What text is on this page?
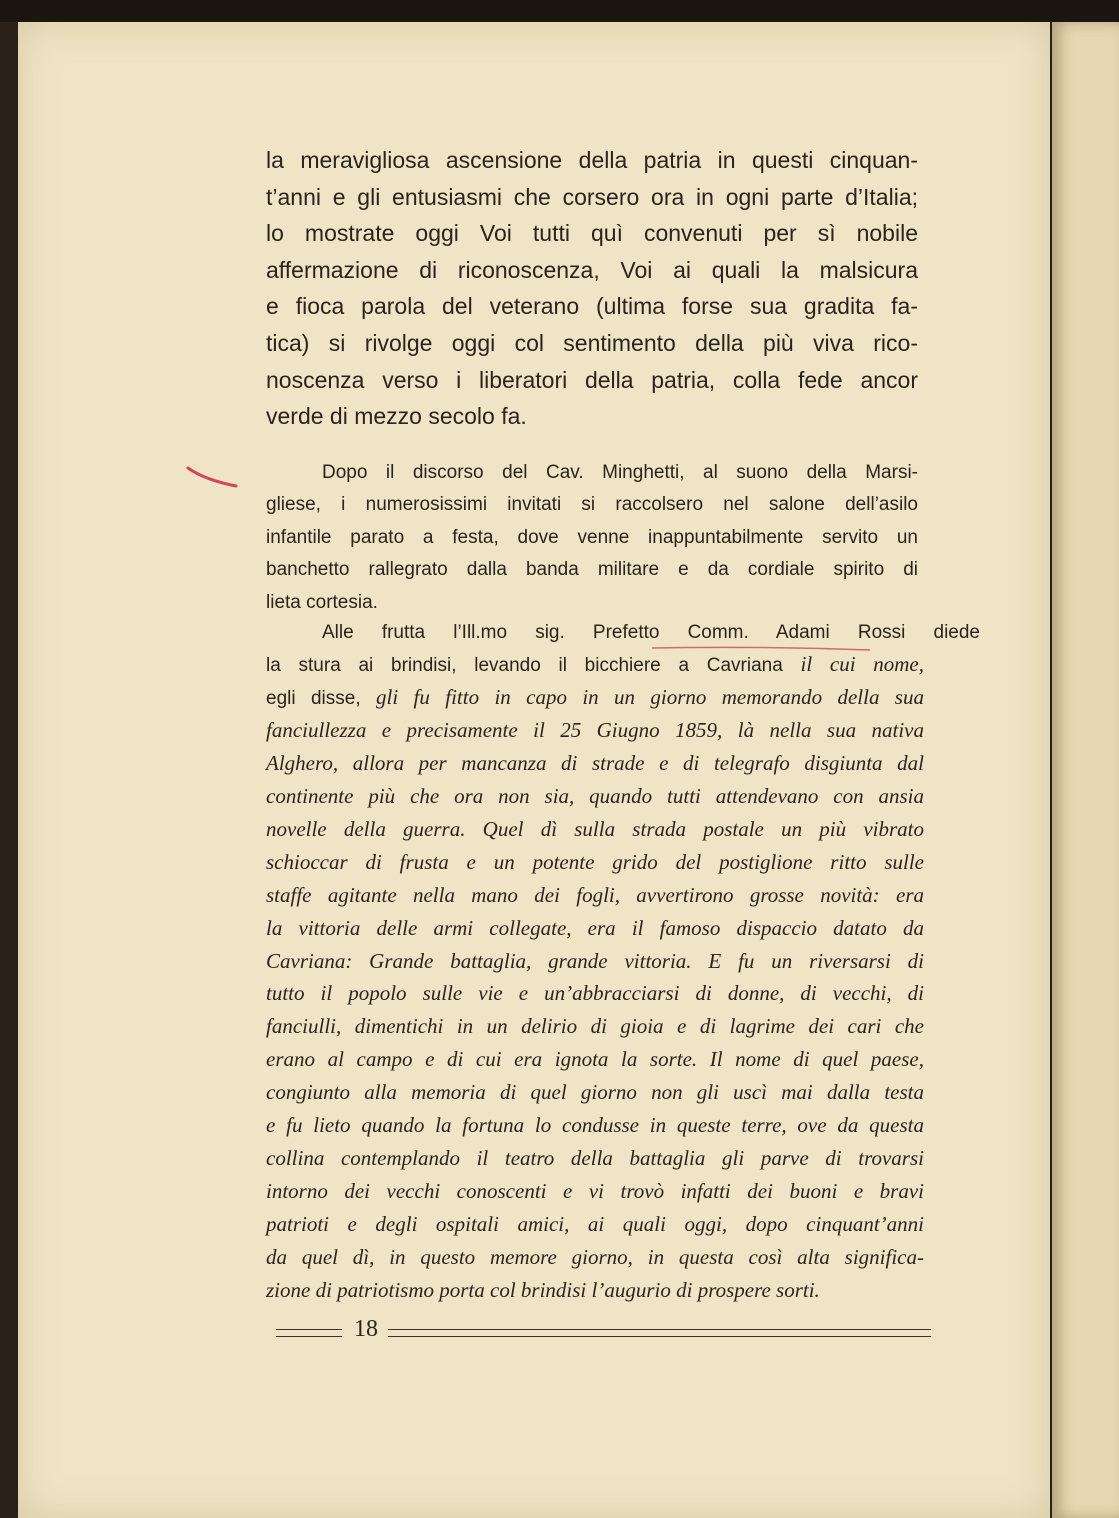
la meravigliosa ascensione della patria in questi cinquan-
t’anni e gli entusiasmi che corsero ora in ogni parte d’Italia;
lo mostrate oggi Voi tutti quì convenuti per sì nobile
affermazione di riconoscenza, Voi ai quali la malsicura
e fioca parola del veterano (ultima forse sua gradita fa-
tica) si rivolge oggi col sentimento della più viva rico-
noscenza verso i liberatori della patria, colla fede ancor
verde di mezzo secolo fa.
Dopo il discorso del Cav. Minghetti, al suono della Marsi-
gliese, i numerosissimi invitati si raccolsero nel salone dell’asilo
infantile parato a festa, dove venne inappuntabilmente servito un
banchetto rallegrato dalla banda militare e da cordiale spirito di
lieta cortesia.
Alle frutta l’Ill.mo sig. Prefetto Comm. Adami Rossi diede
la stura ai brindisi, levando il bicchiere a Cavriana il cui nome,
egli disse, gli fu fitto in capo in un giorno memorando della sua
fanciullezza e precisamente il 25 Giugno 1859, là nella sua nativa
Alghero, allora per mancanza di strade e di telegrafo disgiunta dal
continente più che ora non sia, quando tutti attendevano con ansia
novelle della guerra. Quel dì sulla strada postale un più vibrato
schioccar di frusta e un potente grido del postiglione ritto sulle
staffe agitante nella mano dei fogli, avvertirono grosse novità: era
la vittoria delle armi collegate, era il famoso dispaccio datato da
Cavriana: Grande battaglia, grande vittoria. E fu un riversarsi di
tutto il popolo sulle vie e un’abbracciarsi di donne, di vecchi, di
fanciulli, dimentichi in un delirio di gioia e di lagrime dei cari che
erano al campo e di cui era ignota la sorte. Il nome di quel paese,
congiunto alla memoria di quel giorno non gli uscì mai dalla testa
e fu lieto quando la fortuna lo condusse in queste terre, ove da questa
collina contemplando il teatro della battaglia gli parve di trovarsi
intorno dei vecchi conoscenti e vi trovò infatti dei buoni e bravi
patrioti e degli ospitali amici, ai quali oggi, dopo cinquant’anni
da quel dì, in questo memore giorno, in questa così alta significa-
zione di patriotismo porta col brindisi l’augurio di prospere sorti.
18
